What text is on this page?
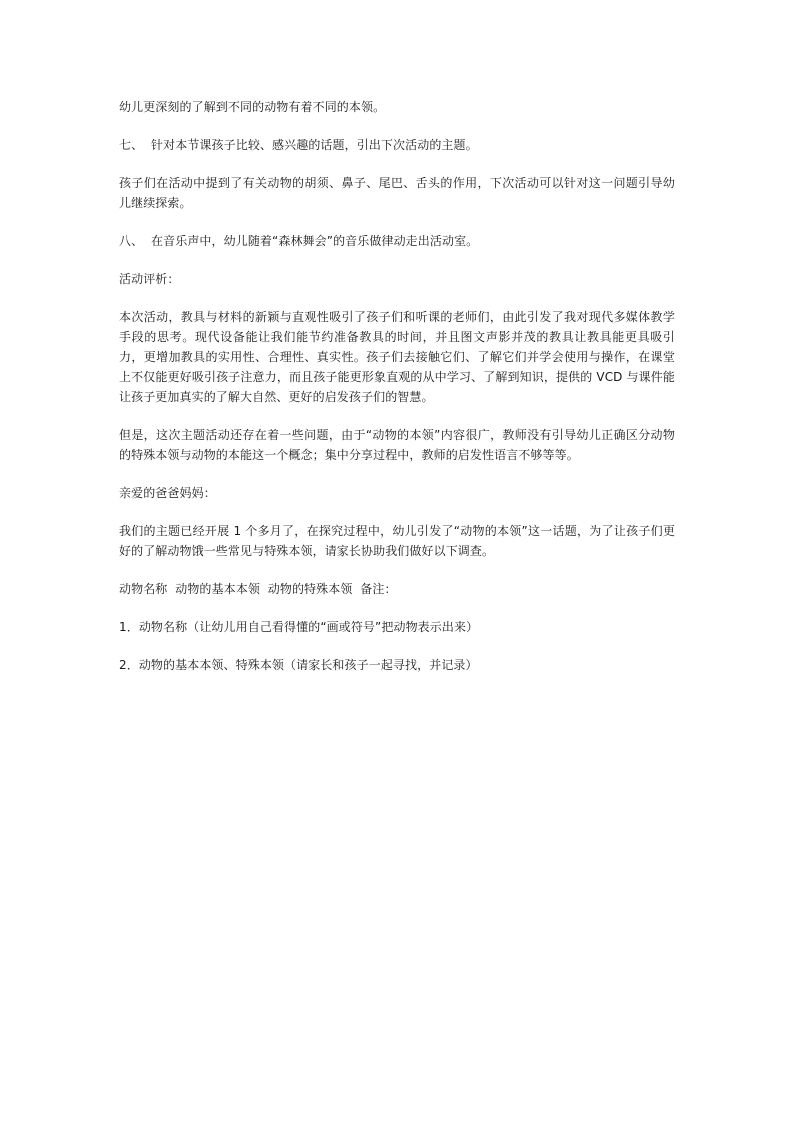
幼儿更深刻的了解到不同的动物有着不同的本领。

七、  针对本节课孩子比较、感兴趣的话题，引出下次活动的主题。

孩子们在活动中提到了有关动物的胡须、鼻子、尾巴、舌头的作用，下次活动可以针对这一问题引导幼儿继续探索。

八、  在音乐声中，幼儿随着“森林舞会”的音乐做律动走出活动室。

活动评析：

本次活动，教具与材料的新颖与直观性吸引了孩子们和听课的老师们，由此引发了我对现代多媒体教学手段的思考。现代设备能让我们能节约准备教具的时间，并且图文声影并茂的教具让教具能更具吸引力，更增加教具的实用性、合理性、真实性。孩子们去接触它们、了解它们并学会使用与操作，在课堂上不仅能更好吸引孩子注意力，而且孩子能更形象直观的从中学习、了解到知识，提供的 VCD 与课件能让孩子更加真实的了解大自然、更好的启发孩子们的智慧。

但是，这次主题活动还存在着一些问题，由于“动物的本领”内容很广，教师没有引导幼儿正确区分动物的特殊本领与动物的本能这一个概念；集中分享过程中，教师的启发性语言不够等等。

亲爱的爸爸妈妈：

我们的主题已经开展 1 个多月了，在探究过程中，幼儿引发了“动物的本领”这一话题，为了让孩子们更好的了解动物饿一些常见与特殊本领，请家长协助我们做好以下调查。

动物名称  动物的基本本领  动物的特殊本领  备注：

1．动物名称（让幼儿用自己看得懂的“画或符号”把动物表示出来）

2．动物的基本本领、特殊本领（请家长和孩子一起寻找，并记录）
